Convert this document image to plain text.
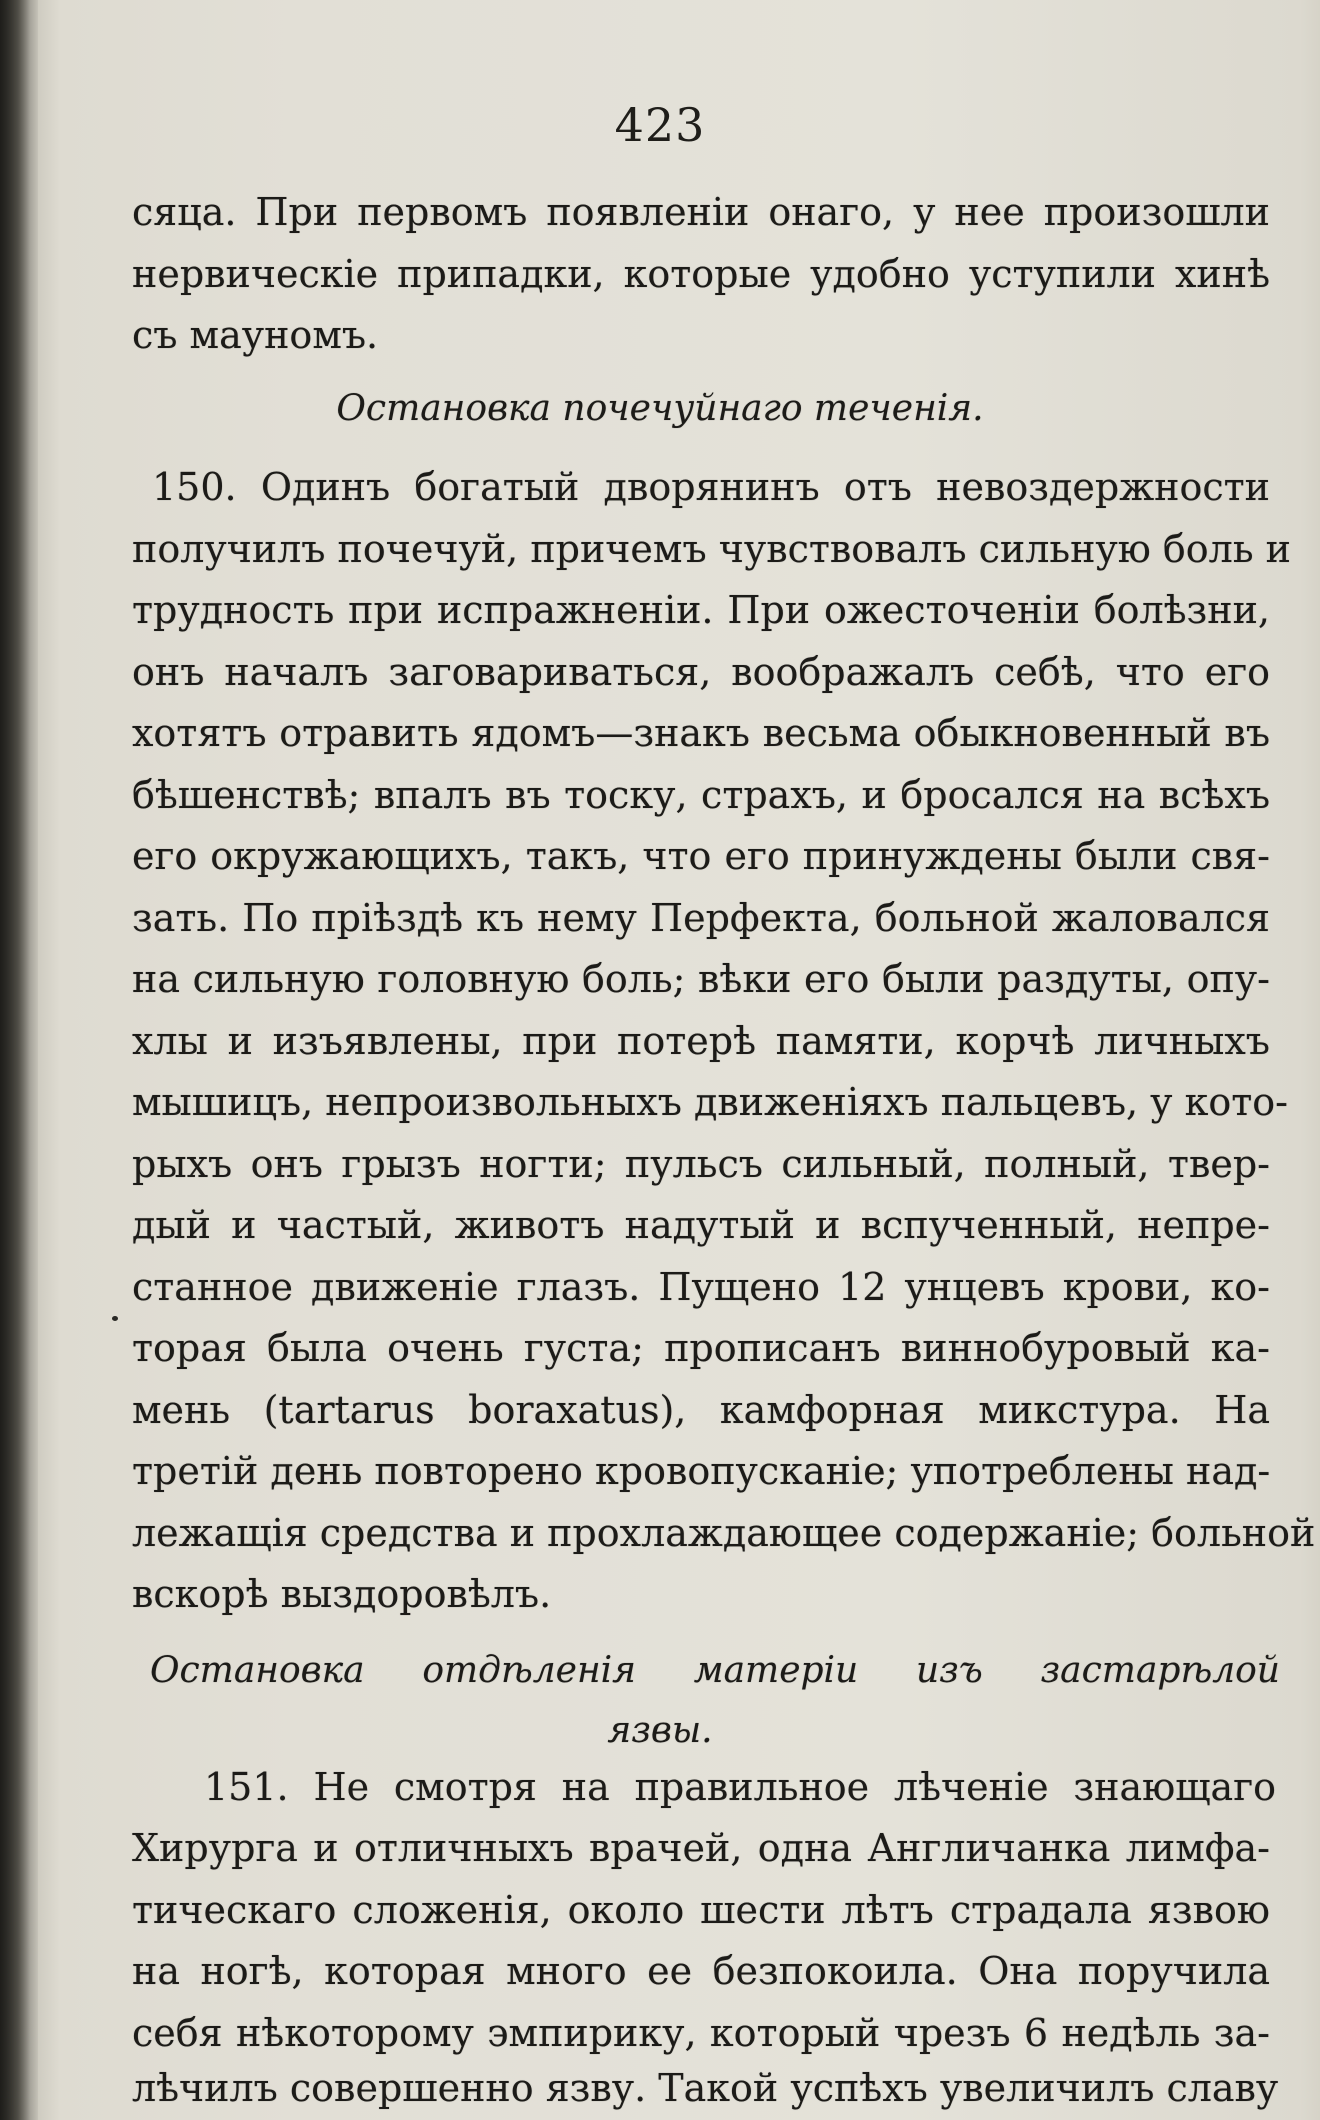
423
сяца. При первомъ появленіи онаго, у нее произошли
нервическіе припадки, которые удобно уступили хинѣ
съ мауномъ.
Остановка почечуйнаго теченія.
150. Одинъ богатый дворянинъ отъ невоздержности
получилъ почечуй, причемъ чувствовалъ сильную боль и
трудность при испражненіи. При ожесточеніи болѣзни,
онъ началъ заговариваться, воображалъ себѣ, что его
хотятъ отравить ядомъ—знакъ весьма обыкновенный въ
бѣшенствѣ; впалъ въ тоску, страхъ, и бросался на всѣхъ
его окружающихъ, такъ, что его принуждены были свя-
зать. По пріѣздѣ къ нему Перфекта, больной жаловался
на сильную головную боль; вѣки его были раздуты, опу-
хлы и изъявлены, при потерѣ памяти, корчѣ личныхъ
мышицъ, непроизвольныхъ движеніяхъ пальцевъ, у кото-
рыхъ онъ грызъ ногти; пульсъ сильный, полный, твер-
дый и частый, животъ надутый и вспученный, непре-
станное движеніе глазъ. Пущено 12 унцевъ крови, ко-
торая была очень густа; прописанъ виннобуровый ка-
мень (tartarus boraxatus), камфорная микстура. На
третій день повторено кровопусканіе; употреблены над-
лежащія средства и прохлаждающее содержаніе; больной
вскорѣ выздоровѣлъ.
Остановка отдѣленія матеріи изъ застарѣлой
язвы.
151. Не смотря на правильное лѣченіе знающаго
Хирурга и отличныхъ врачей, одна Англичанка лимфа-
тическаго сложенія, около шести лѣтъ страдала язвою
на ногѣ, которая много ее безпокоила. Она поручила
себя нѣкоторому эмпирику, который чрезъ 6 недѣль за-
лѣчилъ совершенно язву. Такой успѣхъ увеличилъ славу
